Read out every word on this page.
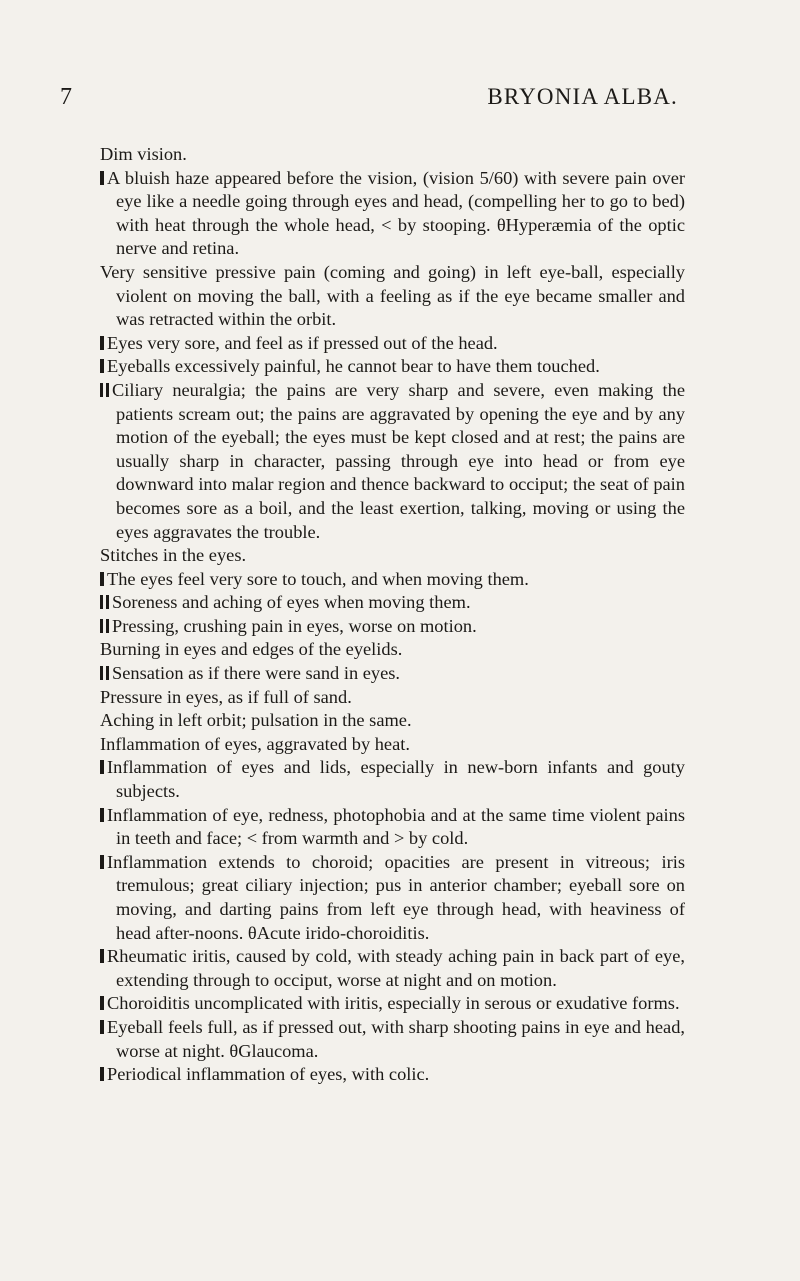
7	BRYONIA ALBA.

Dim vision.

A bluish haze appeared before the vision, (vision 5/60) with severe pain over eye like a needle going through eyes and head, (compelling her to go to bed) with heat through the whole head, < by stooping. θHyperæmia of the optic nerve and retina.

Very sensitive pressive pain (coming and going) in left eye-ball, especially violent on moving the ball, with a feeling as if the eye became smaller and was retracted within the orbit.

Eyes very sore, and feel as if pressed out of the head.

Eyeballs excessively painful, he cannot bear to have them touched.

Ciliary neuralgia; the pains are very sharp and severe, even making the patients scream out; the pains are aggravated by opening the eye and by any motion of the eyeball; the eyes must be kept closed and at rest; the pains are usually sharp in character, passing through eye into head or from eye downward into malar region and thence backward to occiput; the seat of pain becomes sore as a boil, and the least exertion, talking, moving or using the eyes aggravates the trouble.

Stitches in the eyes.

The eyes feel very sore to touch, and when moving them.

Soreness and aching of eyes when moving them.

Pressing, crushing pain in eyes, worse on motion.

Burning in eyes and edges of the eyelids.

Sensation as if there were sand in eyes.

Pressure in eyes, as if full of sand.

Aching in left orbit; pulsation in the same.

Inflammation of eyes, aggravated by heat.

Inflammation of eyes and lids, especially in new-born infants and gouty subjects.

Inflammation of eye, redness, photophobia and at the same time violent pains in teeth and face; < from warmth and > by cold.

Inflammation extends to choroid; opacities are present in vitreous; iris tremulous; great ciliary injection; pus in anterior chamber; eyeball sore on moving, and darting pains from left eye through head, with heaviness of head after-noons. θAcute irido-choroiditis.

Rheumatic iritis, caused by cold, with steady aching pain in back part of eye, extending through to occiput, worse at night and on motion.

Choroiditis uncomplicated with iritis, especially in serous or exudative forms.

Eyeball feels full, as if pressed out, with sharp shooting pains in eye and head, worse at night. θGlaucoma.

Periodical inflammation of eyes, with colic.
